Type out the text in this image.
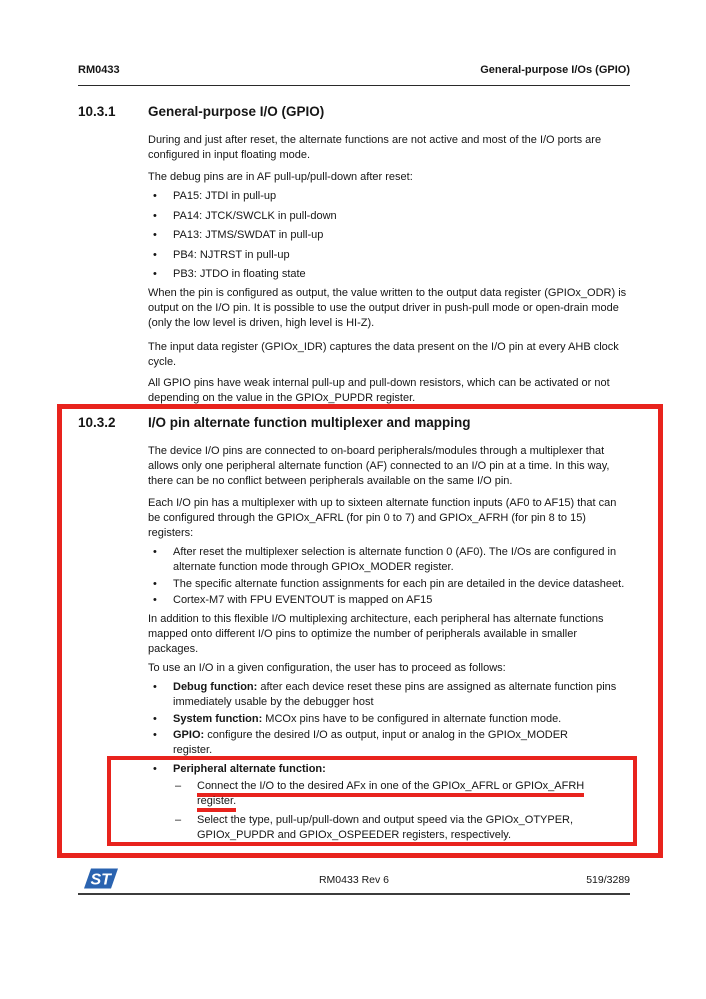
RM0433	General-purpose I/Os (GPIO)
10.3.1	General-purpose I/O (GPIO)

During and just after reset, the alternate functions are not active and most of the I/O ports are configured in input floating mode.

The debug pins are in AF pull-up/pull-down after reset:

•	PA15: JTDI in pull-up
•	PA14: JTCK/SWCLK in pull-down
•	PA13: JTMS/SWDAT in pull-up
•	PB4: NJTRST in pull-up
•	PB3: JTDO in floating state

When the pin is configured as output, the value written to the output data register (GPIOx_ODR) is output on the I/O pin. It is possible to use the output driver in push-pull mode or open-drain mode (only the low level is driven, high level is HI-Z).

The input data register (GPIOx_IDR) captures the data present on the I/O pin at every AHB clock cycle.

All GPIO pins have weak internal pull-up and pull-down resistors, which can be activated or not depending on the value in the GPIOx_PUPDR register.

10.3.2	I/O pin alternate function multiplexer and mapping

The device I/O pins are connected to on-board peripherals/modules through a multiplexer that allows only one peripheral alternate function (AF) connected to an I/O pin at a time. In this way, there can be no conflict between peripherals available on the same I/O pin.

Each I/O pin has a multiplexer with up to sixteen alternate function inputs (AF0 to AF15) that can be configured through the GPIOx_AFRL (for pin 0 to 7) and GPIOx_AFRH (for pin 8 to 15) registers:

•	After reset the multiplexer selection is alternate function 0 (AF0). The I/Os are configured in alternate function mode through GPIOx_MODER register.
•	The specific alternate function assignments for each pin are detailed in the device datasheet.
•	Cortex-M7 with FPU EVENTOUT is mapped on AF15

In addition to this flexible I/O multiplexing architecture, each peripheral has alternate functions mapped onto different I/O pins to optimize the number of peripherals available in smaller packages.

To use an I/O in a given configuration, the user has to proceed as follows:

•	Debug function: after each device reset these pins are assigned as alternate function pins immediately usable by the debugger host
•	System function: MCOx pins have to be configured in alternate function mode.
•	GPIO: configure the desired I/O as output, input or analog in the GPIOx_MODER
register.
•	Peripheral alternate function:
–	Connect the I/O to the desired AFx in one of the GPIOx_AFRL or GPIOx_AFRH
register.
–	Select the type, pull-up/pull-down and output speed via the GPIOx_OTYPER, GPIOx_PUPDR and GPIOx_OSPEEDER registers, respectively.
ST	RM0433 Rev 6	519/3289
